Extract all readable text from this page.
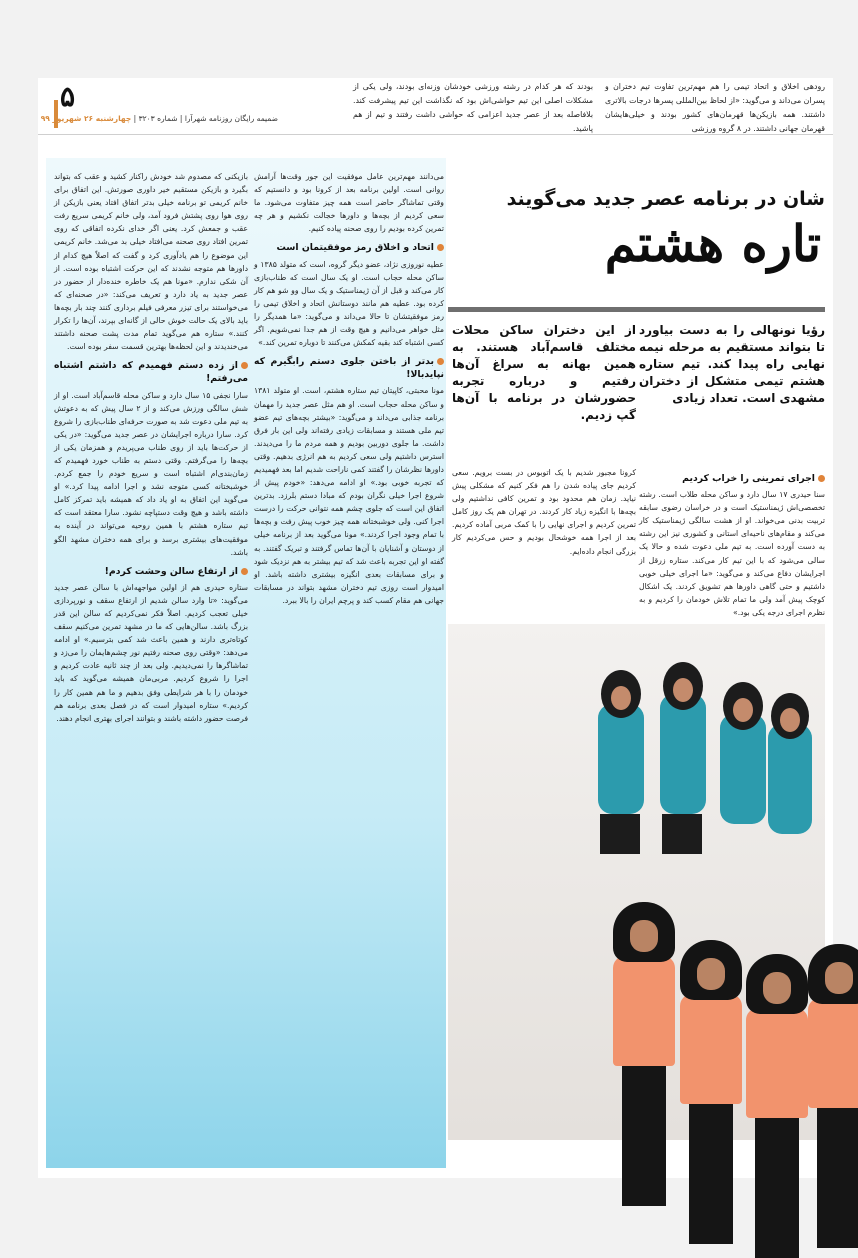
رودهی اخلاق و اتحاد تیمی را هم مهم‌ترین تفاوت تیم دختران و پسران می‌داند و می‌گوید: «از لحاظ بین‌المللی پسرها درجات بالاتری داشتند. همه بازیکن‌ها قهرمان‌های کشور بودند و خیلی‌هایشان قهرمان جهانی داشتند. در ۸ گروه ورزشی
بودند که هر کدام در رشته ورزشی خودشان وزنه‌ای بودند، ولی یکی از مشکلات اصلی این تیم حواشی‌اش بود که نگذاشت این تیم پیشرفت کند. بلافاصله بعد از عصر جدید اعزامی که حواشی داشت رفتند و تیم از هم پاشید.
۵
ضمیمه رایگان روزنامه شهرآرا | شماره ۳۲۰۳ | چهارشنبه ۲۶ شهریور ۹۹

بازیکنی که مصدوم شد خودش راکنار کشید و عقب که بتواند بگیرد و بازیکن مستقیم خیر داوری صورتش. این اتفاق برای خانم کریمی تو برنامه خیلی بدتر اتفاق افتاد یعنی بازیکن از روی هوا روی پشتش فرود آمد، ولی خانم کریمی سریع رفت عقب و جمعش کرد. یعنی اگر خدای نکرده اتفاقی که روی تمرین افتاد روی صحنه می‌افتاد خیلی بد می‌شد. خانم کریمی این موضوع را هم یادآوری کرد و گفت که اصلاً هیچ کدام از داورها هم متوجه نشدند که این حرکت اشتباه بوده است. از آن شکی ندارم. «مونا هم یک خاطره خنده‌دار از حضور در عصر جدید به یاد دارد و تعریف می‌کند: «در صحنه‌ای که می‌خواستند برای تیزر معرفی فیلم برداری کنند چند بار بچه‌ها باید بالای یک حالت خوش حالی از گانه‌ای بپرند، آن‌ها را تکرار کنند.» ستاره هم می‌گوید تمام مدت پشت صحنه داشتند می‌خندیدند و این لحظه‌ها بهترین قسمت سفر بوده است.

از زده دستم فهمیدم که داشتم اشتباه می‌رفتم!

سارا نجفی ۱۵ سال دارد و ساکن محله قاسم‌آباد است. او از شش سالگی ورزش می‌کند و از ۲ سال پیش که به دعوتش به تیم ملی دعوت شد به صورت حرفه‌ای طناب‌بازی را شروع کرد. سارا درباره اجرایشان در عصر جدید می‌گوید: «در یکی از حرکت‌ها باید از روی طناب می‌پریدم و همزمان یکی از بچه‌ها را می‌گرفتم. وقتی دستم به طناب خورد فهمیدم که زمان‌بندی‌ام اشتباه است و سریع خودم را جمع کردم. خوشبختانه کسی متوجه نشد و اجرا ادامه پیدا کرد.» او می‌گوید این اتفاق به او یاد داد که همیشه باید تمرکز کامل داشته باشد و هیچ وقت دستپاچه نشود. سارا معتقد است که تیم ستاره هشتم با همین روحیه می‌تواند در آینده به موفقیت‌های بیشتری برسد و برای همه دختران مشهد الگو باشد.

از ارتفاع سالن وحشت کردم!

ستاره حیدری هم از اولین مواجهه‌اش با سالن عصر جدید می‌گوید: «تا وارد سالن شدیم از ارتفاع سقف و نورپردازی خیلی تعجب کردیم. اصلاً فکر نمی‌کردیم که سالن این قدر بزرگ باشد. سالن‌هایی که ما در مشهد تمرین می‌کنیم سقف کوتاه‌تری دارند و همین باعث شد کمی بترسیم.» او ادامه می‌دهد: «وقتی روی صحنه رفتیم نور چشم‌هایمان را می‌زد و تماشاگرها را نمی‌دیدیم. ولی بعد از چند ثانیه عادت کردیم و اجرا را شروع کردیم. مربی‌مان همیشه می‌گوید که باید خودمان را با هر شرایطی وفق بدهیم و ما هم همین کار را کردیم.» ستاره امیدوار است که در فصل بعدی برنامه هم فرصت حضور داشته باشند و بتوانند اجرای بهتری انجام دهند.

می‌دانند مهم‌ترین عامل موفقیت این جور وقت‌ها آرامش روانی است. اولین برنامه بعد از کرونا بود و دانستیم که وقتی تماشاگر حاضر است همه چیز متفاوت می‌شود. ما سعی کردیم از بچه‌ها و داورها خجالت نکشیم و هر چه تمرین کرده بودیم را روی صحنه پیاده کنیم.

اتحاد و اخلاق رمز موفقیتمان است

عطیه نوروزی نژاد، عضو دیگر گروه، است که متولد ۱۳۸۵ و ساکن محله حجاب است. او یک سال است که طناب‌بازی کار می‌کند و قبل از آن ژیمناستیک و یک سال وو شو هم کار کرده بود. عطیه هم مانند دوستانش اتحاد و اخلاق تیمی را رمز موفقیتشان تا حالا می‌داند و می‌گوید: «ما همدیگر را مثل خواهر می‌دانیم و هیچ وقت از هم جدا نمی‌شویم. اگر کسی اشتباه کند بقیه کمکش می‌کنند تا دوباره تمرین کند.»

بدتر از باختن جلوی دستم رابگیرم که نپایدبالا!

مونا محبتی، کاپیتان تیم ستاره هشتم، است. او متولد ۱۳۸۱ و ساکن محله حجاب است. او هم مثل عصر جدید را مهمان برنامه جذابی می‌داند و می‌گوید: «بیشتر بچه‌های تیم عضو تیم ملی هستند و مسابقات زیادی رفته‌اند ولی این بار فرق داشت. ما جلوی دوربین بودیم و همه مردم ما را می‌دیدند. استرس داشتیم ولی سعی کردیم به هم انرژی بدهیم. وقتی داورها نظرشان را گفتند کمی ناراحت شدیم اما بعد فهمیدیم که تجربه خوبی بود.» او ادامه می‌دهد: «خودم پیش از شروع اجرا خیلی نگران بودم که مبادا دستم بلرزد. بدترین اتفاق این است که جلوی چشم همه نتوانی حرکت را درست اجرا کنی. ولی خوشبختانه همه چیز خوب پیش رفت و بچه‌ها با تمام وجود اجرا کردند.» مونا می‌گوید بعد از برنامه خیلی از دوستان و آشنایان با آن‌ها تماس گرفتند و تبریک گفتند. به گفته او این تجربه باعث شد که تیم بیشتر به هم نزدیک شود و برای مسابقات بعدی انگیزه بیشتری داشته باشد. او امیدوار است روزی تیم دختران مشهد بتواند در مسابقات جهانی هم مقام کسب کند و پرچم ایران را بالا ببرد.

شان در برنامه عصر جدید می‌گویند
تاره هشتم
رؤیا نونهالی را به دست بیاورد تا بتواند مستقیم به مرحله نیمه نهایی راه پیدا کند. تیم ستاره هشتم تیمی متشکل از دختران مشهدی است. تعداد زیادی
از این دختران ساکن محلات مختلف قاسم‌آباد هستند. به همین بهانه به سراغ آن‌ها رفتیم و درباره تجربه حضورشان در برنامه با آن‌ها گپ زدیم.
اجرای تمرینی را خراب کردیم

سنا حیدری ۱۷ سال دارد و ساکن محله طلاب است. رشته تخصصی‌اش ژیمناستیک است و در خراسان رضوی سابقه تربیت بدنی می‌خواند. او از هشت سالگی ژیمناستیک کار می‌کند و مقام‌های ناحیه‌ای استانی و کشوری نیز این رشته به دست آورده است. به تیم ملی دعوت شده و حالا یک سالی می‌شود که با این تیم کار می‌کند. ستاره زرقل از اجرایشان دفاع می‌کند و می‌گوید: «ما اجرای خیلی خوبی داشتیم و حتی گاهی داورها هم تشویق کردند. یک اشکال کوچک پیش آمد ولی ما تمام تلاش خودمان را کردیم و به نظرم اجرای درجه یکی بود.»

کرونا مجبور شدیم با یک اتوبوس در بست برویم. سعی کردیم جای پیاده شدن را هم فکر کنیم که مشکلی پیش نیاید. زمان هم محدود بود و تمرین کافی نداشتیم ولی بچه‌ها با انگیزه زیاد کار کردند. در تهران هم یک روز کامل تمرین کردیم و اجرای نهایی را با کمک مربی آماده کردیم. بعد از اجرا همه خوشحال بودیم و حس می‌کردیم کار بزرگی انجام داده‌ایم.
